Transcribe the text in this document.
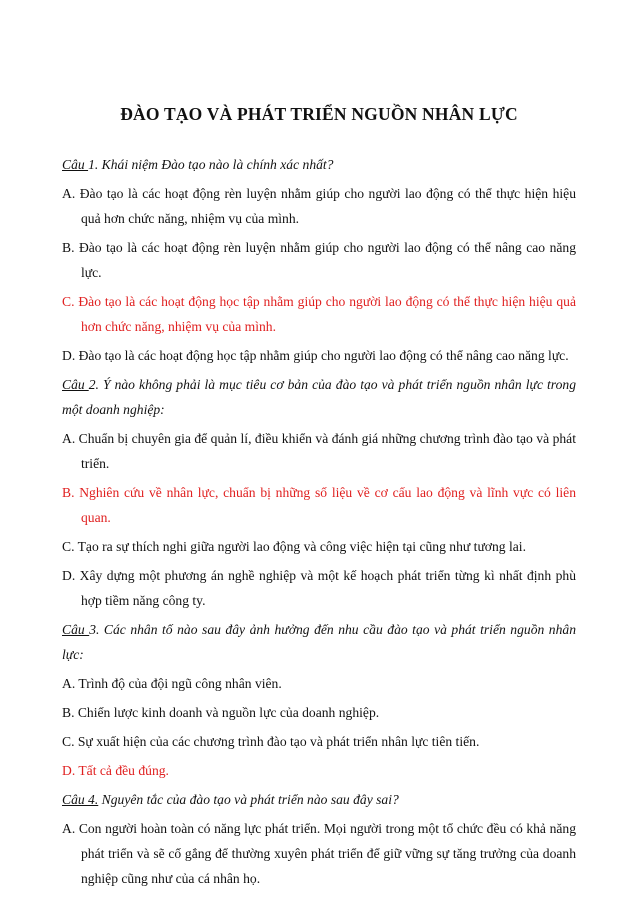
ĐÀO TẠO VÀ PHÁT TRIỂN NGUỒN NHÂN LỰC

Câu 1. Khái niệm Đào tạo nào là chính xác nhất?

A. Đào tạo là các hoạt động rèn luyện nhằm giúp cho người lao động có thể thực hiện hiệu quả hơn chức năng, nhiệm vụ của mình.

B. Đào tạo là các hoạt động rèn luyện nhằm giúp cho người lao động có thể nâng cao năng lực.

C. Đào tạo là các hoạt động học tập nhằm giúp cho người lao động có thể thực hiện hiệu quả hơn chức năng, nhiệm vụ của mình.

D. Đào tạo là các hoạt động học tập nhằm giúp cho người lao động có thể nâng cao năng lực.

Câu 2. Ý nào không phải là mục tiêu cơ bản của đào tạo và phát triển nguồn nhân lực trong một doanh nghiệp:

A. Chuẩn bị chuyên gia để quản lí, điều khiển và đánh giá những chương trình đào tạo và phát triển.

B. Nghiên cứu về nhân lực, chuẩn bị những số liệu về cơ cấu lao động và lĩnh vực có liên quan.

C. Tạo ra sự thích nghi giữa người lao động và công việc hiện tại cũng như tương lai.

D. Xây dựng một phương án nghề nghiệp và một kế hoạch phát triển từng kì nhất định phù hợp tiềm năng công ty.

Câu 3. Các nhân tố nào sau đây ảnh hưởng đến nhu cầu đào tạo và phát triển nguồn nhân lực:

A. Trình độ của đội ngũ công nhân viên.

B. Chiến lược kinh doanh và nguồn lực của doanh nghiệp.

C. Sự xuất hiện của các chương trình đào tạo và phát triển nhân lực tiên tiến.

D. Tất cả đều đúng.

Câu 4. Nguyên tắc của đào tạo và phát triển nào sau đây sai?

A. Con người hoàn toàn có năng lực phát triển. Mọi người trong một tổ chức đều có khả năng phát triển và sẽ cố gắng để thường xuyên phát triển để giữ vững sự tăng trưởng của doanh nghiệp cũng như của cá nhân họ.
